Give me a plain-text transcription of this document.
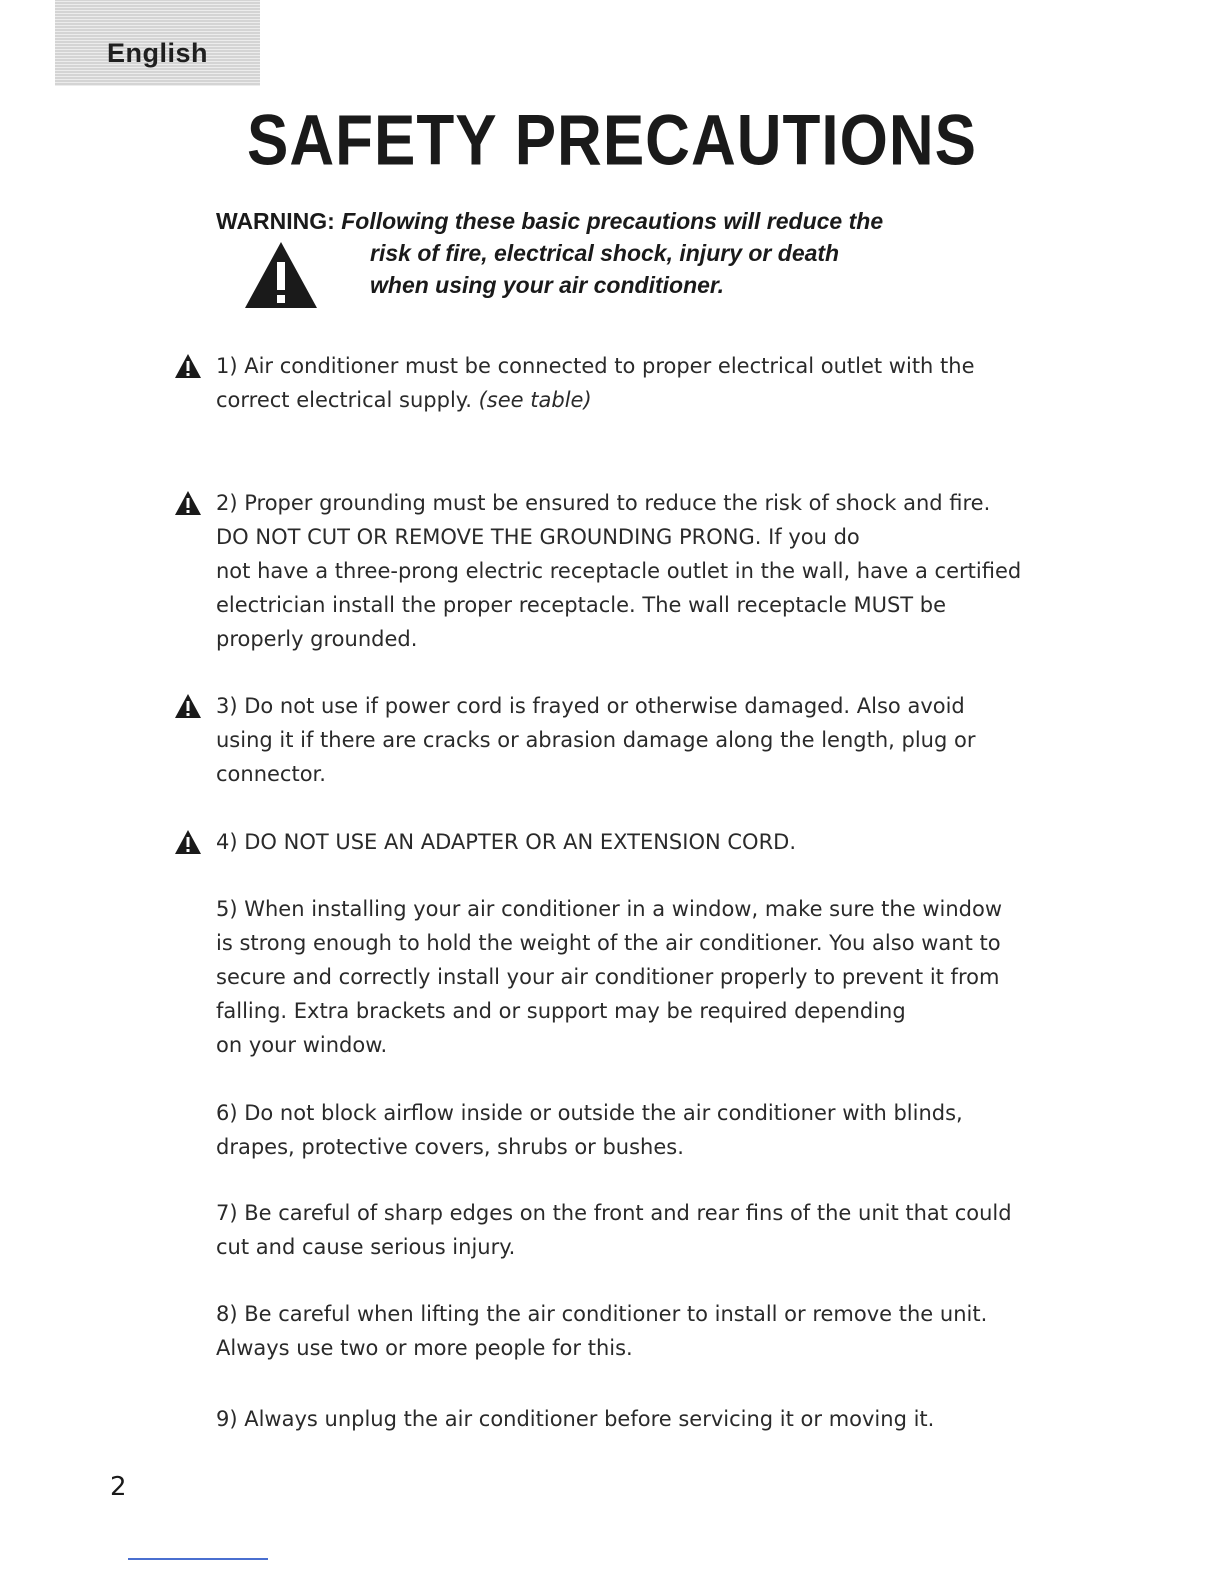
English
SAFETY PRECAUTIONS
WARNING: Following these basic precautions will reduce the
risk of fire, electrical shock, injury or death
when using your air conditioner.
1) Air conditioner must be connected to proper electrical outlet with the
correct electrical supply. (see table)
2) Proper grounding must be ensured to reduce the risk of shock and fire.
DO NOT CUT OR REMOVE THE GROUNDING PRONG. If you do
not have a three-prong electric receptacle outlet in the wall, have a certified
electrician install the proper receptacle. The wall receptacle MUST be
properly grounded.
3) Do not use if power cord is frayed or otherwise damaged. Also avoid
using it if there are cracks or abrasion damage along the length, plug or
connector.
4) DO NOT USE AN ADAPTER OR AN EXTENSION CORD.
5) When installing your air conditioner in a window, make sure the window
is strong enough to hold the weight of the air conditioner. You also want to
secure and correctly install your air conditioner properly to prevent it from
falling. Extra brackets and or support may be required depending
on your window.
6) Do not block airflow inside or outside the air conditioner with blinds,
drapes, protective covers, shrubs or bushes.
7) Be careful of sharp edges on the front and rear fins of the unit that could
cut and cause serious injury.
8) Be careful when lifting the air conditioner to install or remove the unit.
Always use two or more people for this.
9) Always unplug the air conditioner before servicing it or moving it.
2
